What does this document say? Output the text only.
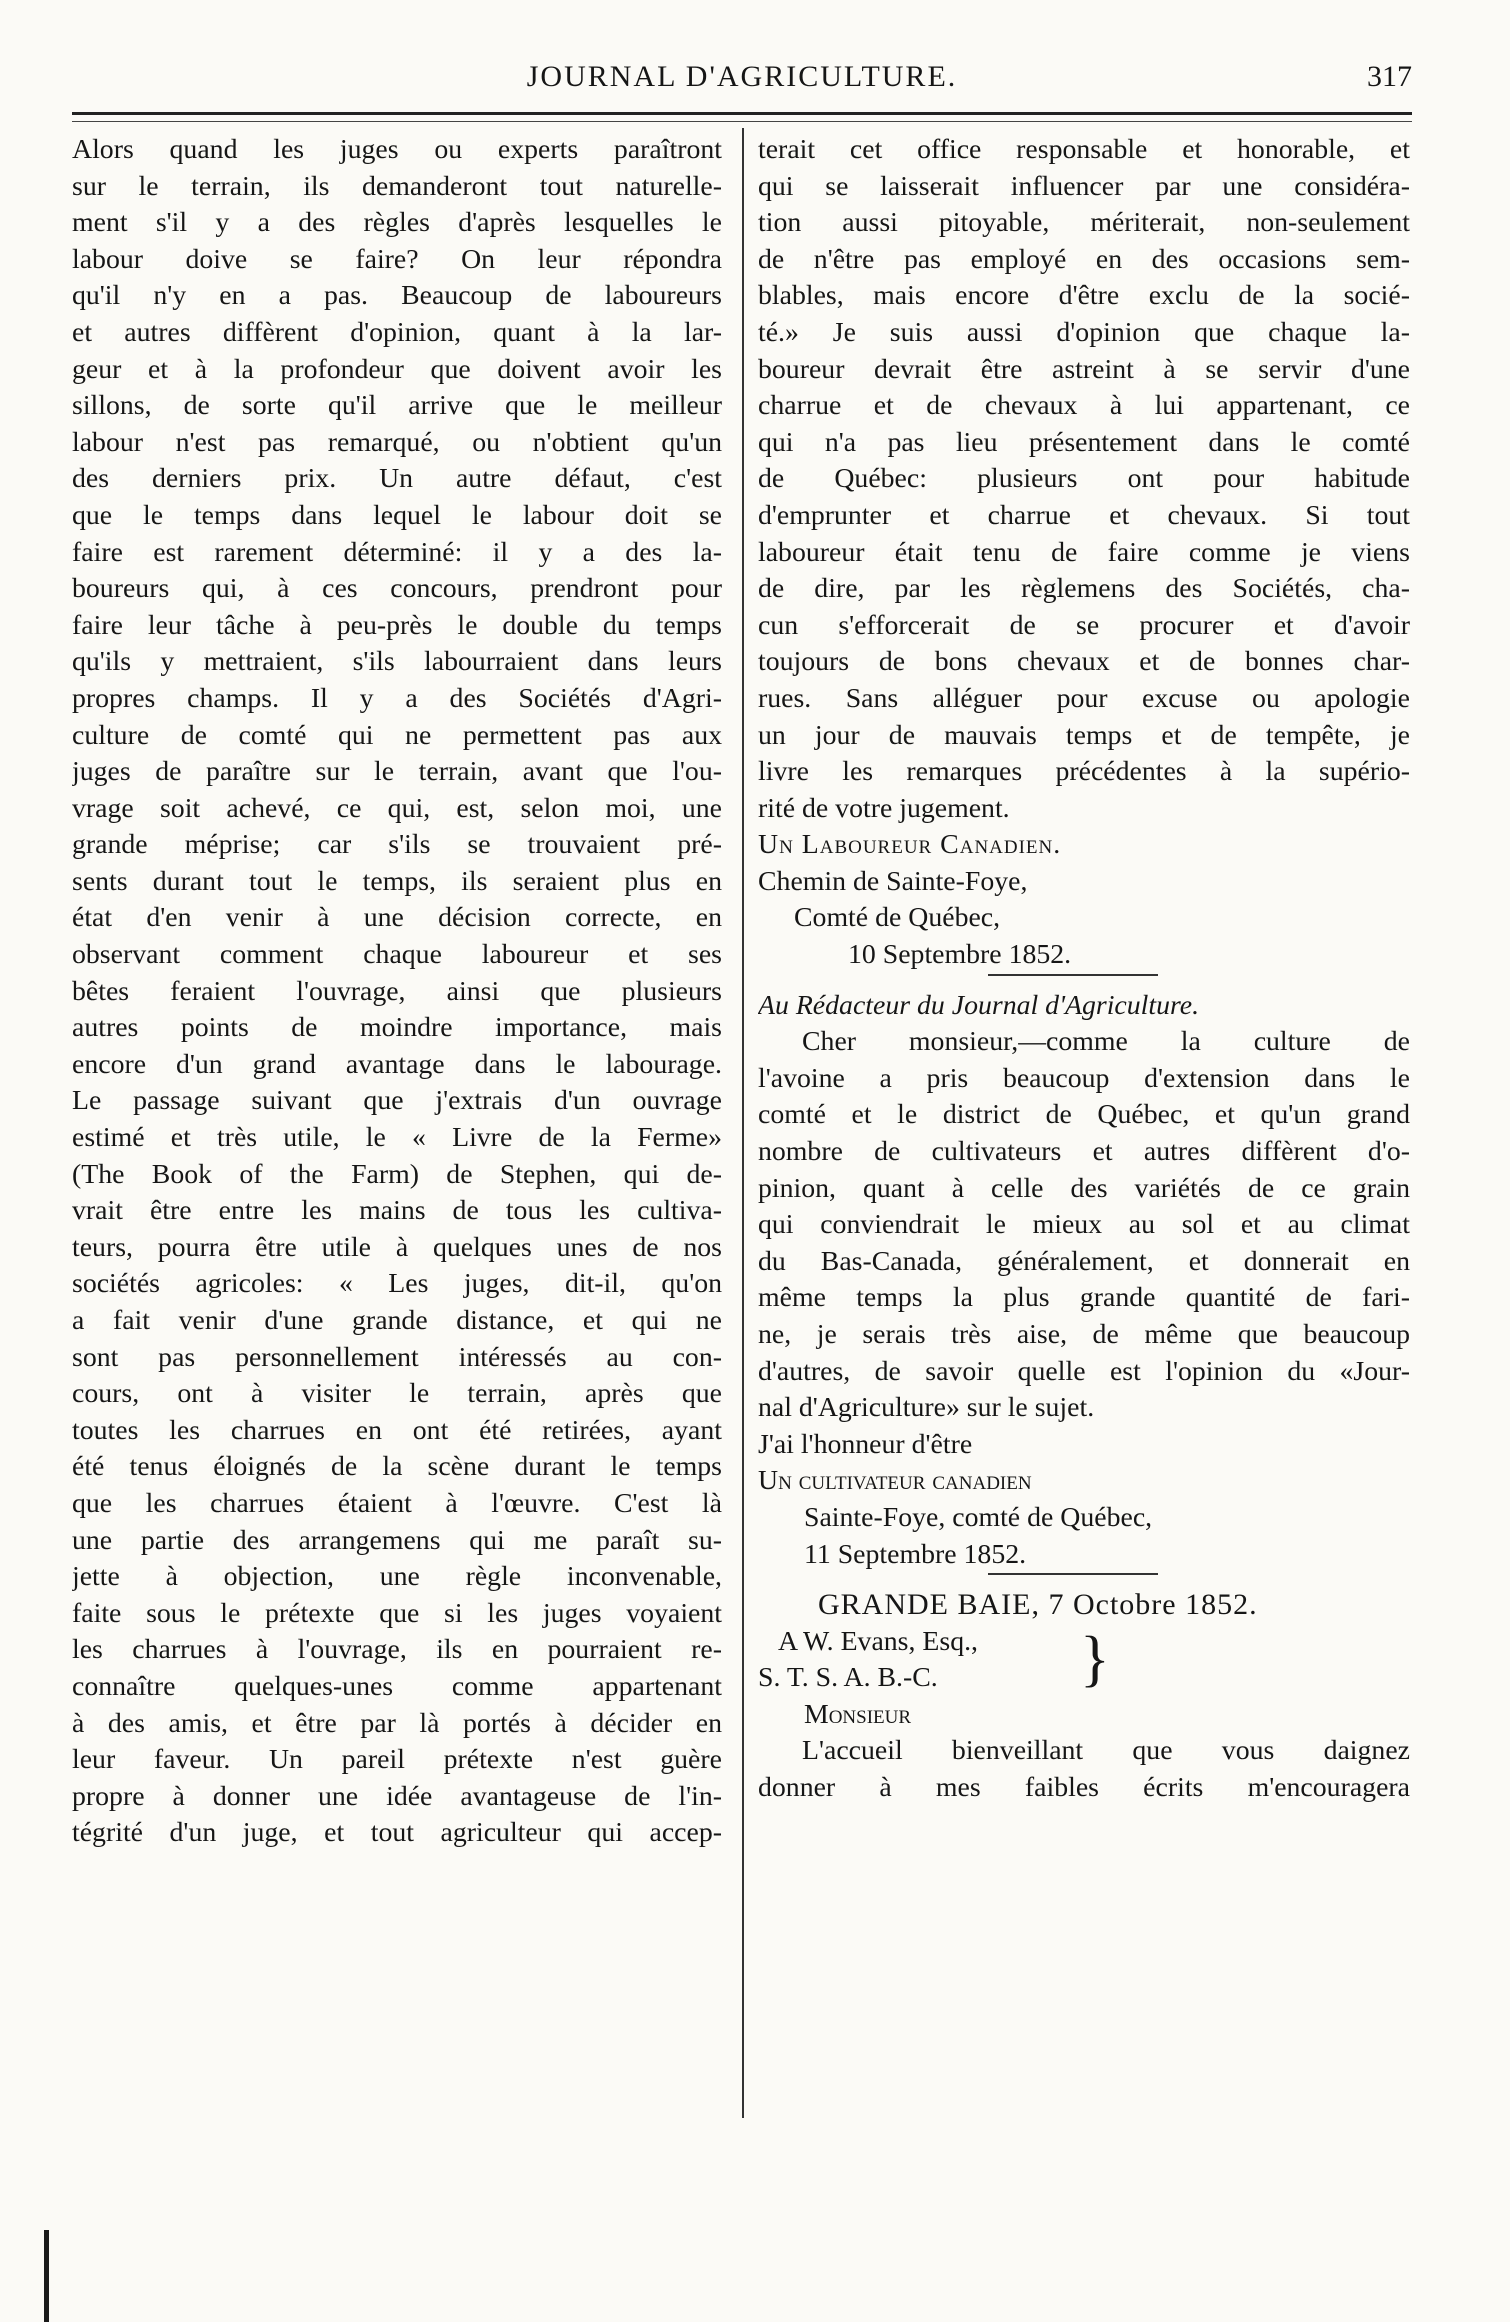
JOURNAL D'AGRICULTURE.	317
Alors quand les juges ou experts paraîtront
sur le terrain, ils demanderont tout naturelle-
ment s'il y a des règles d'après lesquelles le
labour doive se faire? On leur répondra
qu'il n'y en a pas. Beaucoup de laboureurs
et autres diffèrent d'opinion, quant à la lar-
geur et à la profondeur que doivent avoir les
sillons, de sorte qu'il arrive que le meilleur
labour n'est pas remarqué, ou n'obtient qu'un
des derniers prix. Un autre défaut, c'est
que le temps dans lequel le labour doit se
faire est rarement déterminé: il y a des la-
boureurs qui, à ces concours, prendront pour
faire leur tâche à peu-près le double du temps
qu'ils y mettraient, s'ils labourraient dans leurs
propres champs. Il y a des Sociétés d'Agri-
culture de comté qui ne permettent pas aux
juges de paraître sur le terrain, avant que l'ou-
vrage soit achevé, ce qui, est, selon moi, une
grande méprise; car s'ils se trouvaient pré-
sents durant tout le temps, ils seraient plus en
état d'en venir à une décision correcte, en
observant comment chaque laboureur et ses
bêtes feraient l'ouvrage, ainsi que plusieurs
autres points de moindre importance, mais
encore d'un grand avantage dans le labourage.
Le passage suivant que j'extrais d'un ouvrage
estimé et très utile, le « Livre de la Ferme»
(The Book of the Farm) de Stephen, qui de-
vrait être entre les mains de tous les cultiva-
teurs, pourra être utile à quelques unes de nos
sociétés agricoles: « Les juges, dit-il, qu'on
a fait venir d'une grande distance, et qui ne
sont pas personnellement intéressés au con-
cours, ont à visiter le terrain, après que
toutes les charrues en ont été retirées, ayant
été tenus éloignés de la scène durant le temps
que les charrues étaient à l'œuvre. C'est là
une partie des arrangemens qui me paraît su-
jette à objection, une règle inconvenable,
faite sous le prétexte que si les juges voyaient
les charrues à l'ouvrage, ils en pourraient re-
connaître quelques-unes comme appartenant
à des amis, et être par là portés à décider en
leur faveur. Un pareil prétexte n'est guère
propre à donner une idée avantageuse de l'in-
tégrité d'un juge, et tout agriculteur qui accep-
terait cet office responsable et honorable, et
qui se laisserait influencer par une considéra-
tion aussi pitoyable, mériterait, non-seulement
de n'être pas employé en des occasions sem-
blables, mais encore d'être exclu de la socié-
té.» Je suis aussi d'opinion que chaque la-
boureur devrait être astreint à se servir d'une
charrue et de chevaux à lui appartenant, ce
qui n'a pas lieu présentement dans le comté
de Québec: plusieurs ont pour habitude
d'emprunter et charrue et chevaux. Si tout
laboureur était tenu de faire comme je viens
de dire, par les règlemens des Sociétés, cha-
cun s'efforcerait de se procurer et d'avoir
toujours de bons chevaux et de bonnes char-
rues. Sans alléguer pour excuse ou apologie
un jour de mauvais temps et de tempête, je
livre les remarques précédentes à la supério-
rité de votre jugement.
Un Laboureur Canadien.
Chemin de Sainte-Foye,
Comté de Québec,
10 Septembre 1852.
Au Rédacteur du Journal d'Agriculture.
Cher monsieur,—comme la culture de
l'avoine a pris beaucoup d'extension dans le
comté et le district de Québec, et qu'un grand
nombre de cultivateurs et autres diffèrent d'o-
pinion, quant à celle des variétés de ce grain
qui conviendrait le mieux au sol et au climat
du Bas-Canada, généralement, et donnerait en
même temps la plus grande quantité de fari-
ne, je serais très aise, de même que beaucoup
d'autres, de savoir quelle est l'opinion du «Jour-
nal d'Agriculture» sur le sujet.
J'ai l'honneur d'être
Un cultivateur canadien
Sainte-Foye, comté de Québec,
11 Septembre 1852.
GRANDE BAIE, 7 Octobre 1852.
A W. Evans, Esq.,
S. T. S. A. B.-C. }
Monsieur
L'accueil bienveillant que vous daignez
donner à mes faibles écrits m'encouragera
